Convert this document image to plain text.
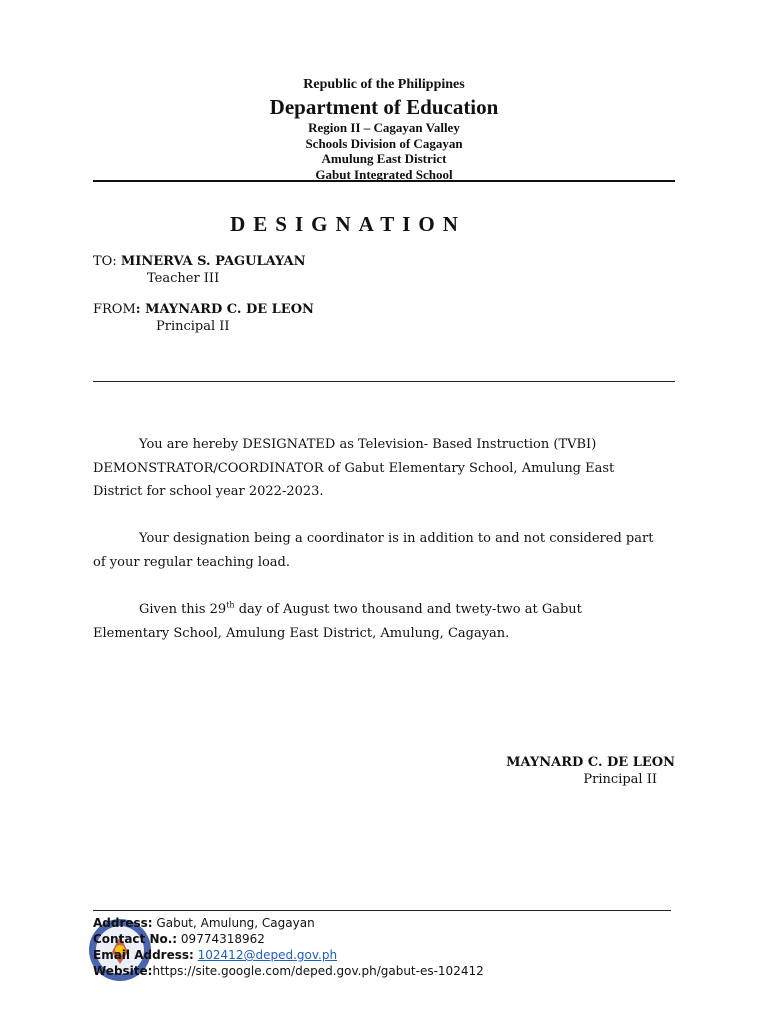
Republic of the Philippines
Department of Education
Region II – Cagayan Valley
Schools Division of Cagayan
Amulung East District
Gabut Integrated School
DESIGNATION
TO: MINERVA S. PAGULAYAN
Teacher III
FROM: MAYNARD C. DE LEON
Principal II

You are hereby DESIGNATED as Television- Based Instruction (TVBI) DEMONSTRATOR/COORDINATOR of Gabut Elementary School, Amulung East District for school year 2022-2023.

Your designation being a coordinator is in addition to and not considered part of your regular teaching load.

Given this 29th day of August two thousand and twety-two at Gabut Elementary School, Amulung East District, Amulung, Cagayan.

MAYNARD C. DE LEON
Principal II
Address: Gabut, Amulung, Cagayan
Contact No.: 09774318962
Email Address: 102412@deped.gov.ph
Website:https://site.google.com/deped.gov.ph/gabut-es-102412
